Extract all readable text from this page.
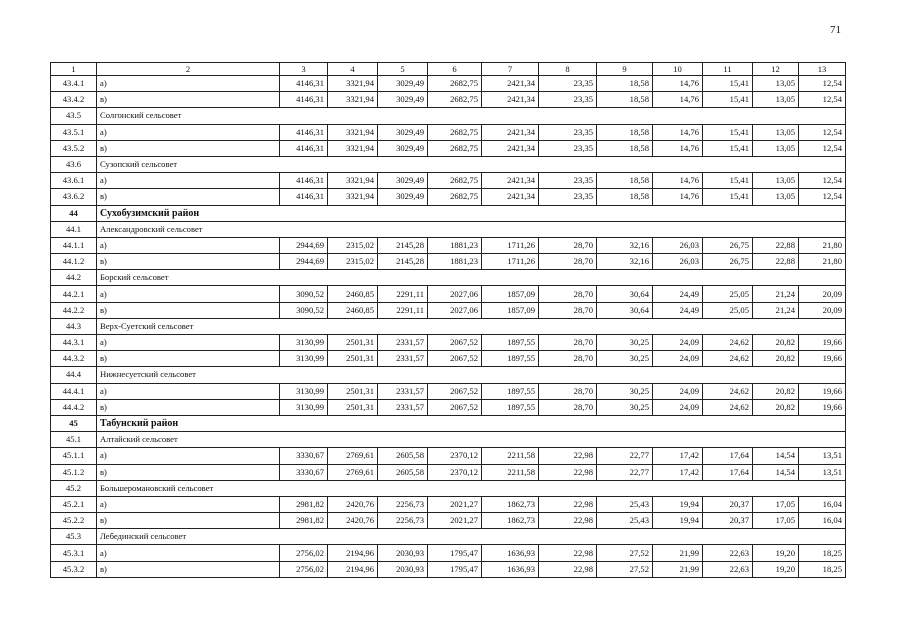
71
1	2	3	4	5	6	7	8	9	10	11	12	13
43.4.1	а)	4146,31	3321,94	3029,49	2682,75	2421,34	23,35	18,58	14,76	15,41	13,05	12,54
43.4.2	в)	4146,31	3321,94	3029,49	2682,75	2421,34	23,35	18,58	14,76	15,41	13,05	12,54
43.5	Солгонский сельсовет											
43.5.1	а)	4146,31	3321,94	3029,49	2682,75	2421,34	23,35	18,58	14,76	15,41	13,05	12,54
43.5.2	в)	4146,31	3321,94	3029,49	2682,75	2421,34	23,35	18,58	14,76	15,41	13,05	12,54
43.6	Сузопский сельсовет											
43.6.1	а)	4146,31	3321,94	3029,49	2682,75	2421,34	23,35	18,58	14,76	15,41	13,05	12,54
43.6.2	в)	4146,31	3321,94	3029,49	2682,75	2421,34	23,35	18,58	14,76	15,41	13,05	12,54
44	Сухобузимский район											
44.1	Александровский сельсовет											
44.1.1	а)	2944,69	2315,02	2145,28	1881,23	1711,26	28,70	32,16	26,03	26,75	22,88	21,80
44.1.2	в)	2944,69	2315,02	2145,28	1881,23	1711,26	28,70	32,16	26,03	26,75	22,88	21,80
44.2	Борский сельсовет											
44.2.1	а)	3090,52	2460,85	2291,11	2027,06	1857,09	28,70	30,64	24,49	25,05	21,24	20,09
44.2.2	в)	3090,52	2460,85	2291,11	2027,06	1857,09	28,70	30,64	24,49	25,05	21,24	20,09
44.3	Верх-Суетский сельсовет											
44.3.1	а)	3130,99	2501,31	2331,57	2067,52	1897,55	28,70	30,25	24,09	24,62	20,82	19,66
44.3.2	в)	3130,99	2501,31	2331,57	2067,52	1897,55	28,70	30,25	24,09	24,62	20,82	19,66
44.4	Нижнесуетский сельсовет											
44.4.1	а)	3130,99	2501,31	2331,57	2067,52	1897,55	28,70	30,25	24,09	24,62	20,82	19,66
44.4.2	в)	3130,99	2501,31	2331,57	2067,52	1897,55	28,70	30,25	24,09	24,62	20,82	19,66
45	Табунский район											
45.1	Алтайский сельсовет											
45.1.1	а)	3330,67	2769,61	2605,58	2370,12	2211,58	22,98	22,77	17,42	17,64	14,54	13,51
45.1.2	в)	3330,67	2769,61	2605,58	2370,12	2211,58	22,98	22,77	17,42	17,64	14,54	13,51
45.2	Большеромановский сельсовет											
45.2.1	а)	2981,82	2420,76	2256,73	2021,27	1862,73	22,98	25,43	19,94	20,37	17,05	16,04
45.2.2	в)	2981,82	2420,76	2256,73	2021,27	1862,73	22,98	25,43	19,94	20,37	17,05	16,04
45.3	Лебединский сельсовет											
45.3.1	а)	2756,02	2194,96	2030,93	1795,47	1636,93	22,98	27,52	21,99	22,63	19,20	18,25
45.3.2	в)	2756,02	2194,96	2030,93	1795,47	1636,93	22,98	27,52	21,99	22,63	19,20	18,25
